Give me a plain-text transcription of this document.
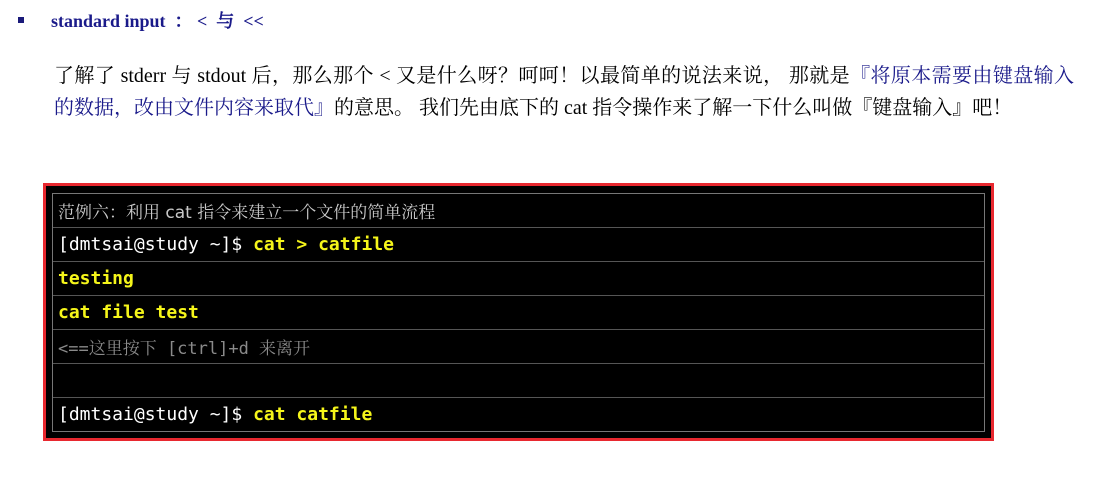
standard input  ： <  与  <<

了解了 stderr 与 stdout 后，那么那个 < 又是什么呀？呵呵！以最简单的说法来说， 那就是『将原本需要由键盘输入的数据，改由文件内容来取代』的意思。 我们先由底下的 cat 指令操作来了解一下什么叫做『键盘输入』吧！

范例六：利用 cat 指令来建立一个文件的简单流程
[dmtsai@study ~]$ cat > catfile
testing
cat file test
<==这里按下 [ctrl]+d 来离开
[dmtsai@study ~]$ cat catfile
